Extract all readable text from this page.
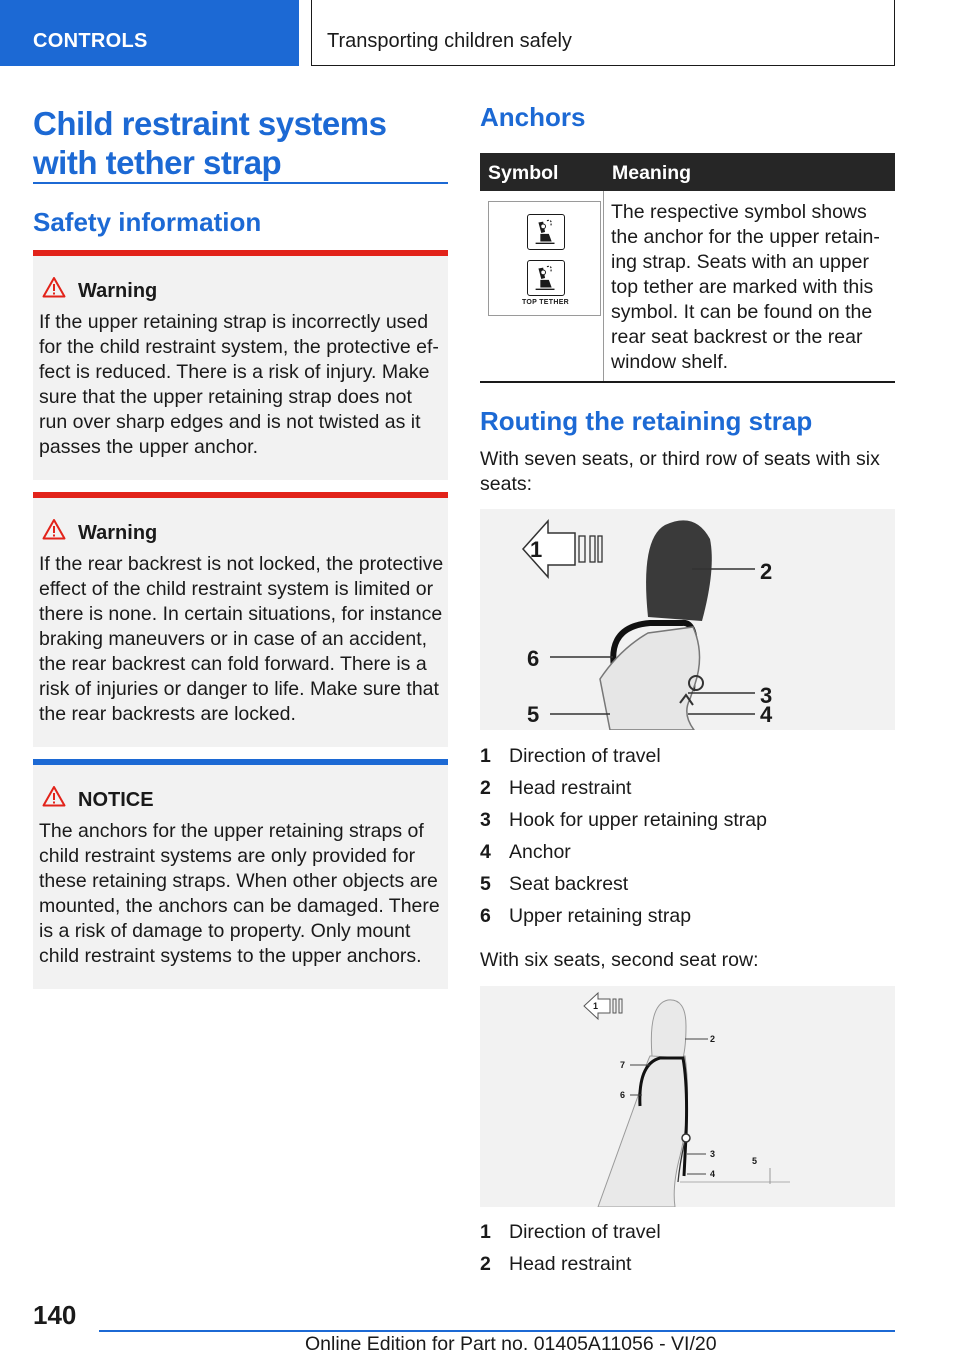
CONTROLS	Transporting children safely
Child restraint systems with tether strap
Safety information
Warning
If the upper retaining strap is incorrectly used for the child restraint system, the protective ef-fect is reduced. There is a risk of injury. Make sure that the upper retaining strap does not run over sharp edges and is not twisted as it passes the upper anchor.
Warning
If the rear backrest is not locked, the protective effect of the child restraint system is limited or there is none. In certain situations, for instance braking maneuvers or in case of an accident, the rear backrest can fold forward. There is a risk of injuries or danger to life. Make sure that the rear backrests are locked.
NOTICE
The anchors for the upper retaining straps of child restraint systems are only provided for these retaining straps. When other objects are mounted, the anchors can be damaged. There is a risk of damage to property. Only mount child restraint systems to the upper anchors.
Anchors
Symbol	Meaning
TOP TETHER
The respective symbol shows the anchor for the upper retain-ing strap. Seats with an upper top tether are marked with this symbol. It can be found on the rear seat backrest or the rear window shelf.
Routing the retaining strap
With seven seats, or third row of seats with six seats:
1
2
6
3
5	4
1 Direction of travel
2 Head restraint
3 Hook for upper retaining strap
4 Anchor
5 Seat backrest
6 Upper retaining strap
With six seats, second seat row:
1
2
7
6
3
5
4
1 Direction of travel
2 Head restraint
140
Online Edition for Part no. 01405A11056 - VI/20
